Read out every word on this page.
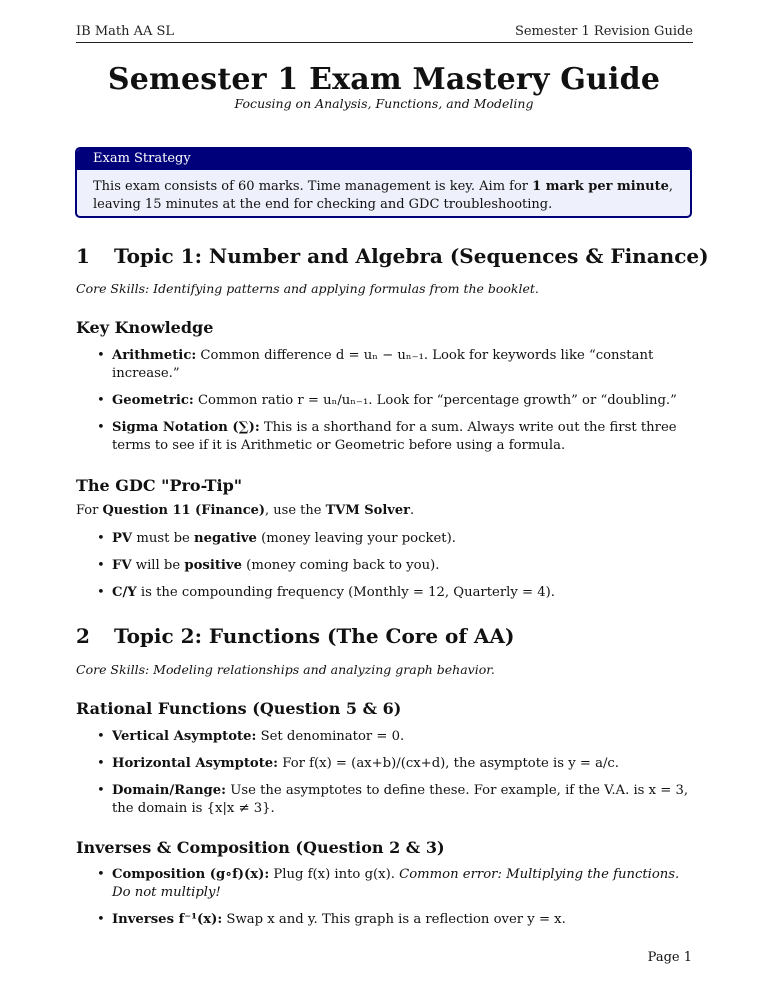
IB Math AA SL	Semester 1 Revision Guide
Semester 1 Exam Mastery Guide
Focusing on Analysis, Functions, and Modeling
Exam Strategy
This exam consists of 60 marks. Time management is key. Aim for 1 mark per minute, leaving 15 minutes at the end for checking and GDC troubleshooting.
1 Topic 1: Number and Algebra (Sequences & Finance)
Core Skills: Identifying patterns and applying formulas from the booklet.
Key Knowledge
• Arithmetic: Common difference d = uₙ − uₙ₋₁. Look for keywords like “constant increase.”
• Geometric: Common ratio r = uₙ/uₙ₋₁. Look for “percentage growth” or “doubling.”
• Sigma Notation (∑): This is a shorthand for a sum. Always write out the first three terms to see if it is Arithmetic or Geometric before using a formula.
The GDC "Pro-Tip"
For Question 11 (Finance), use the TVM Solver.
• PV must be negative (money leaving your pocket).
• FV will be positive (money coming back to you).
• C/Y is the compounding frequency (Monthly = 12, Quarterly = 4).
2 Topic 2: Functions (The Core of AA)
Core Skills: Modeling relationships and analyzing graph behavior.
Rational Functions (Question 5 & 6)
• Vertical Asymptote: Set denominator = 0.
• Horizontal Asymptote: For f(x) = (ax+b)/(cx+d), the asymptote is y = a/c.
• Domain/Range: Use the asymptotes to define these. For example, if the V.A. is x = 3, the domain is {x|x ≠ 3}.
Inverses & Composition (Question 2 & 3)
• Composition (g∘f)(x): Plug f(x) into g(x). Common error: Multiplying the functions. Do not multiply!
• Inverses f⁻¹(x): Swap x and y. This graph is a reflection over y = x.
Page 1
